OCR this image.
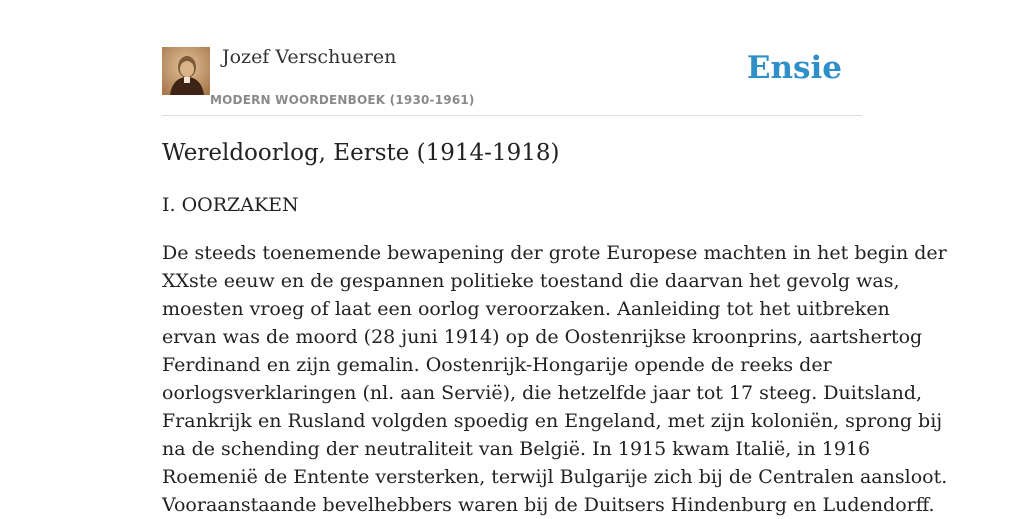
Jozef Verschueren
MODERN WOORDENBOEK (1930-1961)
Ensie
Wereldoorlog, Eerste (1914-1918)
I. OORZAKEN

De steeds toenemende bewapening der grote Europese machten in het begin der
XXste eeuw en de gespannen politieke toestand die daarvan het gevolg was,
moesten vroeg of laat een oorlog veroorzaken. Aanleiding tot het uitbreken
ervan was de moord (28 juni 1914) op de Oostenrijkse kroonprins, aartshertog
Ferdinand en zijn gemalin. Oostenrijk-Hongarije opende de reeks der
oorlogsverklaringen (nl. aan Servië), die hetzelfde jaar tot 17 steeg. Duitsland,
Frankrijk en Rusland volgden spoedig en Engeland, met zijn koloniën, sprong bij
na de schending der neutraliteit van België. In 1915 kwam Italië, in 1916
Roemenië de Entente versterken, terwijl Bulgarije zich bij de Centralen aansloot.
Vooraanstaande bevelhebbers waren bij de Duitsers Hindenburg en Ludendorff.
